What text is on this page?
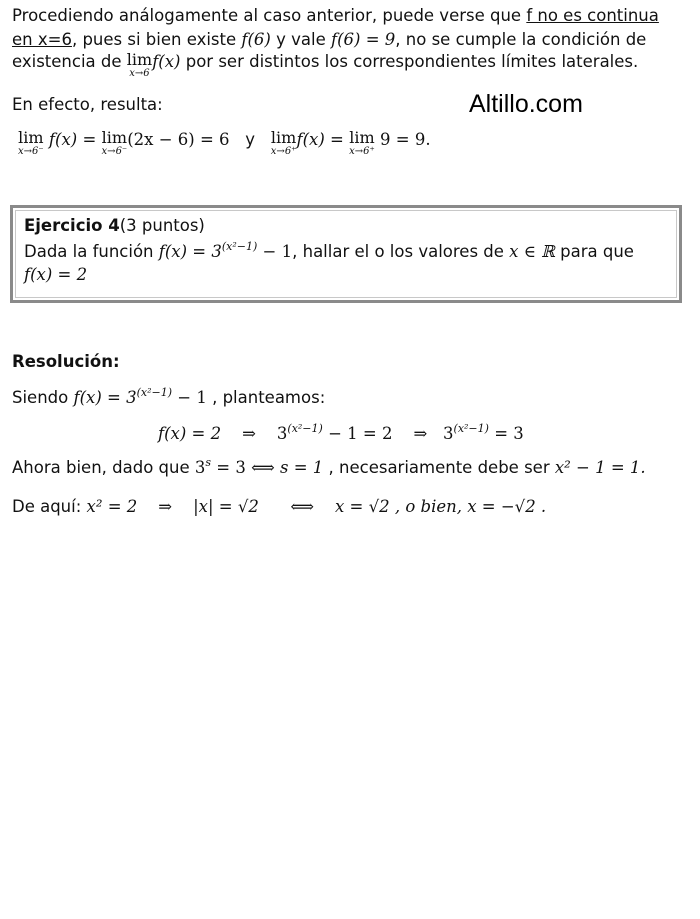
Procediendo análogamente al caso anterior, puede verse que f no es continua
en x=6, pues si bien existe f(6) y vale f(6) = 9, no se cumple la condición de
existencia de lim
x→6
f(x) por ser distintos los correspondientes límites laterales.
En efecto, resulta:	Altillo.com
lim
x→6⁻
f(x) = lim
x→6⁻
(2x − 6) = 6 y lim
x→6⁺
f(x) = lim
x→6⁺
9 = 9.
Ejercicio 4(3 puntos)
Dada la función $f(x) = 3^{(x^2-1)} - 1$, hallar el o los valores de x ∈ ℝ para que
f(x) = 2
Resolución:
Siendo $f(x) = 3^{(x^2-1)} - 1$ , planteamos:
f(x) = 2 ⇒ $3^{(x^2-1)} - 1 = 2$ ⇒ $3^{(x^2-1)} = 3$
Ahora bien, dado que $3^s = 3$ ⟺ s = 1 , necesariamente debe ser x² − 1 = 1.
De aquí: x² = 2 ⇒ |x| = √2 ⟺ x = √2 , o bien, x = −√2 .
